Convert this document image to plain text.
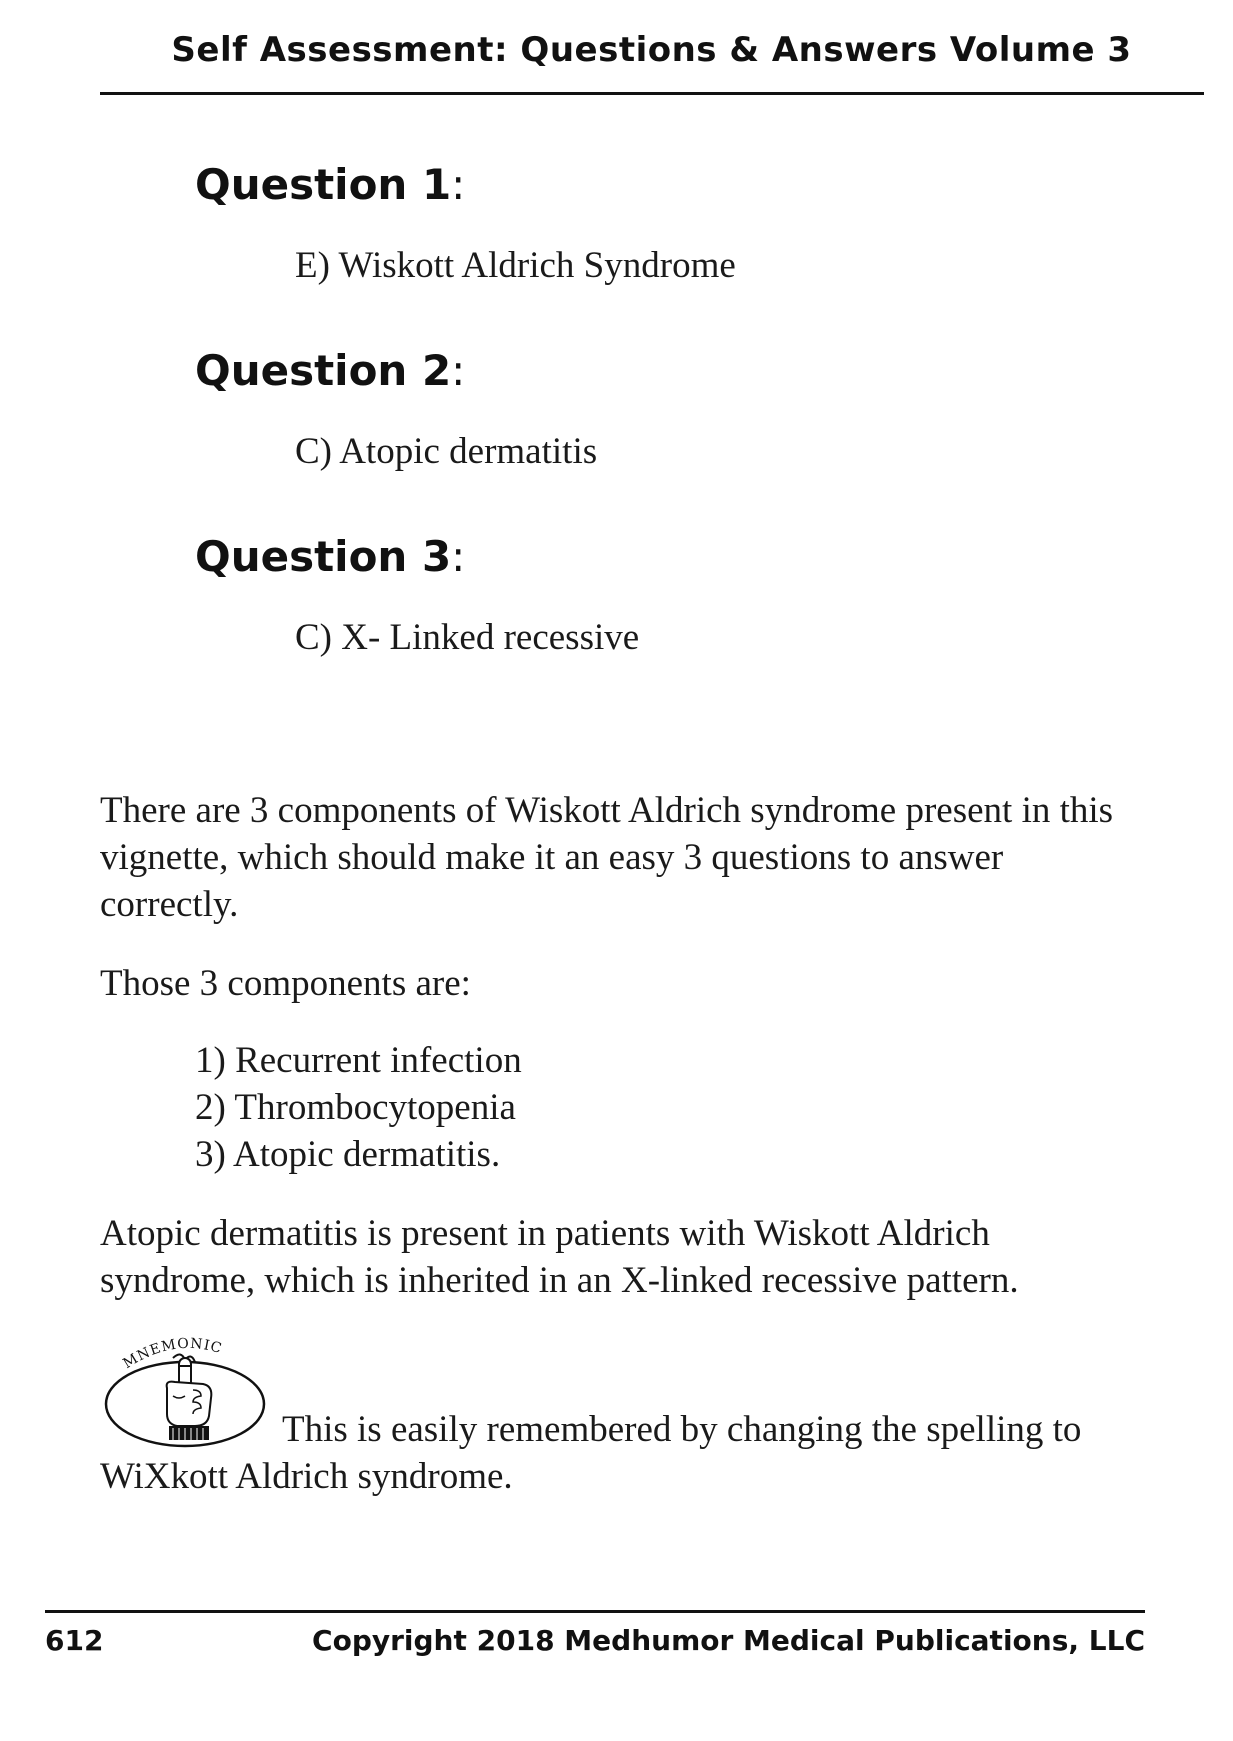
Self Assessment: Questions & Answers Volume 3
Question 1:
E) Wiskott Aldrich Syndrome
Question 2:
C) Atopic dermatitis
Question 3:
C) X- Linked recessive

There are 3 components of Wiskott Aldrich syndrome present in this vignette, which should make it an easy 3 questions to answer correctly.

Those 3 components are:

1) Recurrent infection
2) Thrombocytopenia
3) Atopic dermatitis.

Atopic dermatitis is present in patients with Wiskott Aldrich syndrome, which is inherited in an X-linked recessive pattern.

MNEMONIC
This is easily remembered by changing the spelling to WiXkott Aldrich syndrome.
612	Copyright 2018 Medhumor Medical Publications, LLC
